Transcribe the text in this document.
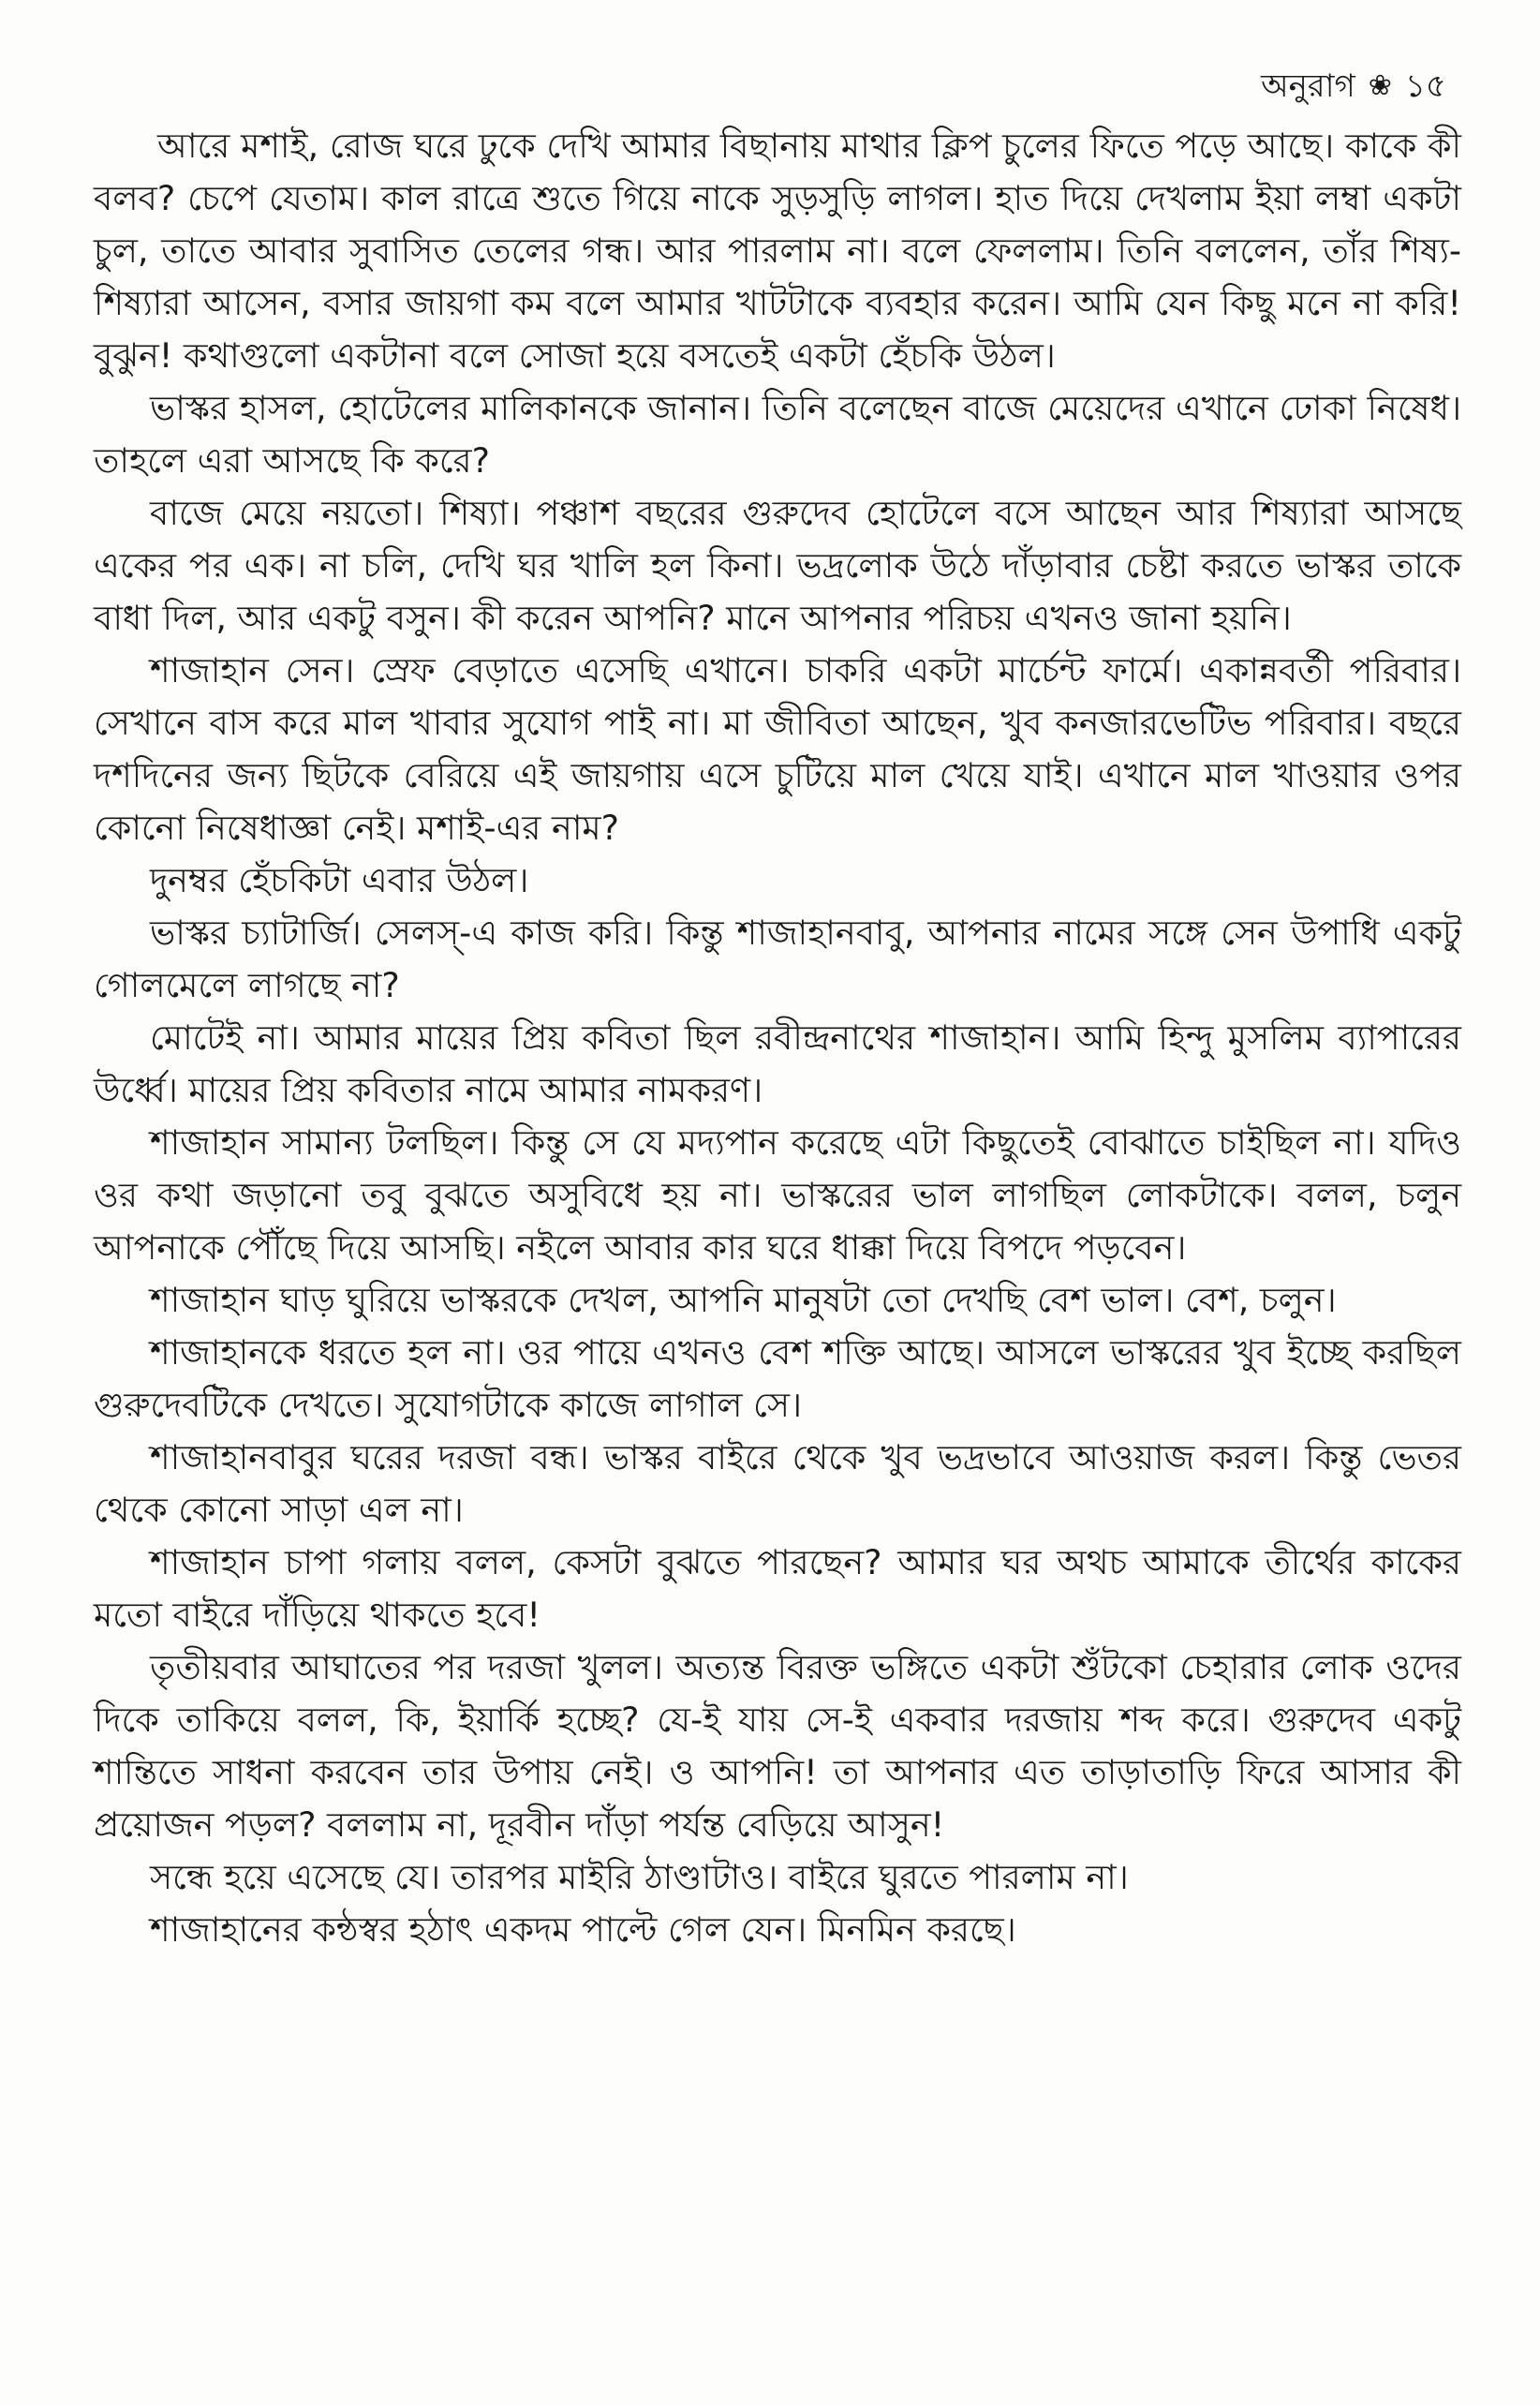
অনুরাগ ❀ ১৫

আরে মশাই, রোজ ঘরে ঢুকে দেখি আমার বিছানায় মাথার ক্লিপ চুলের ফিতে পড়ে আছে। কাকে কী বলব? চেপে যেতাম। কাল রাত্রে শুতে গিয়ে নাকে সুড়সুড়ি লাগল। হাত দিয়ে দেখলাম ইয়া লম্বা একটা চুল, তাতে আবার সুবাসিত তেলের গন্ধ। আর পারলাম না। বলে ফেললাম। তিনি বললেন, তাঁর শিষ্য-শিষ্যারা আসেন, বসার জায়গা কম বলে আমার খাটটাকে ব্যবহার করেন। আমি যেন কিছু মনে না করি! বুঝুন! কথাগুলো একটানা বলে সোজা হয়ে বসতেই একটা হেঁচকি উঠল।

ভাস্কর হাসল, হোটেলের মালিকানকে জানান। তিনি বলেছেন বাজে মেয়েদের এখানে ঢোকা নিষেধ। তাহলে এরা আসছে কি করে?

বাজে মেয়ে নয়তো। শিষ্যা। পঞ্চাশ বছরের গুরুদেব হোটেলে বসে আছেন আর শিষ্যারা আসছে একের পর এক। না চলি, দেখি ঘর খালি হল কিনা। ভদ্রলোক উঠে দাঁড়াবার চেষ্টা করতে ভাস্কর তাকে বাধা দিল, আর একটু বসুন। কী করেন আপনি? মানে আপনার পরিচয় এখনও জানা হয়নি।

শাজাহান সেন। স্রেফ বেড়াতে এসেছি এখানে। চাকরি একটা মার্চেন্ট ফার্মে। একান্নবর্তী পরিবার। সেখানে বাস করে মাল খাবার সুযোগ পাই না। মা জীবিতা আছেন, খুব কনজারভেটিভ পরিবার। বছরে দশদিনের জন্য ছিটকে বেরিয়ে এই জায়গায় এসে চুটিয়ে মাল খেয়ে যাই। এখানে মাল খাওয়ার ওপর কোনো নিষেধাজ্ঞা নেই। মশাই-এর নাম?

দুনম্বর হেঁচকিটা এবার উঠল।

ভাস্কর চ্যাটার্জি। সেলস্-এ কাজ করি। কিন্তু শাজাহানবাবু, আপনার নামের সঙ্গে সেন উপাধি একটু গোলমেলে লাগছে না?

মোটেই না। আমার মায়ের প্রিয় কবিতা ছিল রবীন্দ্রনাথের শাজাহান। আমি হিন্দু মুসলিম ব্যাপারের উর্ধ্বে। মায়ের প্রিয় কবিতার নামে আমার নামকরণ।

শাজাহান সামান্য টলছিল। কিন্তু সে যে মদ্যপান করেছে এটা কিছুতেই বোঝাতে চাইছিল না। যদিও ওর কথা জড়ানো তবু বুঝতে অসুবিধে হয় না। ভাস্করের ভাল লাগছিল লোকটাকে। বলল, চলুন আপনাকে পৌঁছে দিয়ে আসছি। নইলে আবার কার ঘরে ধাক্কা দিয়ে বিপদে পড়বেন।

শাজাহান ঘাড় ঘুরিয়ে ভাস্করকে দেখল, আপনি মানুষটা তো দেখছি বেশ ভাল। বেশ, চলুন।

শাজাহানকে ধরতে হল না। ওর পায়ে এখনও বেশ শক্তি আছে। আসলে ভাস্করের খুব ইচ্ছে করছিল গুরুদেবটিকে দেখতে। সুযোগটাকে কাজে লাগাল সে।

শাজাহানবাবুর ঘরের দরজা বন্ধ। ভাস্কর বাইরে থেকে খুব ভদ্রভাবে আওয়াজ করল। কিন্তু ভেতর থেকে কোনো সাড়া এল না।

শাজাহান চাপা গলায় বলল, কেসটা বুঝতে পারছেন? আমার ঘর অথচ আমাকে তীর্থের কাকের মতো বাইরে দাঁড়িয়ে থাকতে হবে!

তৃতীয়বার আঘাতের পর দরজা খুলল। অত্যন্ত বিরক্ত ভঙ্গিতে একটা শুঁটকো চেহারার লোক ওদের দিকে তাকিয়ে বলল, কি, ইয়ার্কি হচ্ছে? যে-ই যায় সে-ই একবার দরজায় শব্দ করে। গুরুদেব একটু শান্তিতে সাধনা করবেন তার উপায় নেই। ও আপনি! তা আপনার এত তাড়াতাড়ি ফিরে আসার কী প্রয়োজন পড়ল? বললাম না, দূরবীন দাঁড়া পর্যন্ত বেড়িয়ে আসুন!

সন্ধে হয়ে এসেছে যে। তারপর মাইরি ঠাণ্ডাটাও। বাইরে ঘুরতে পারলাম না।

শাজাহানের কন্ঠস্বর হঠাৎ একদম পাল্টে গেল যেন। মিনমিন করছে।
